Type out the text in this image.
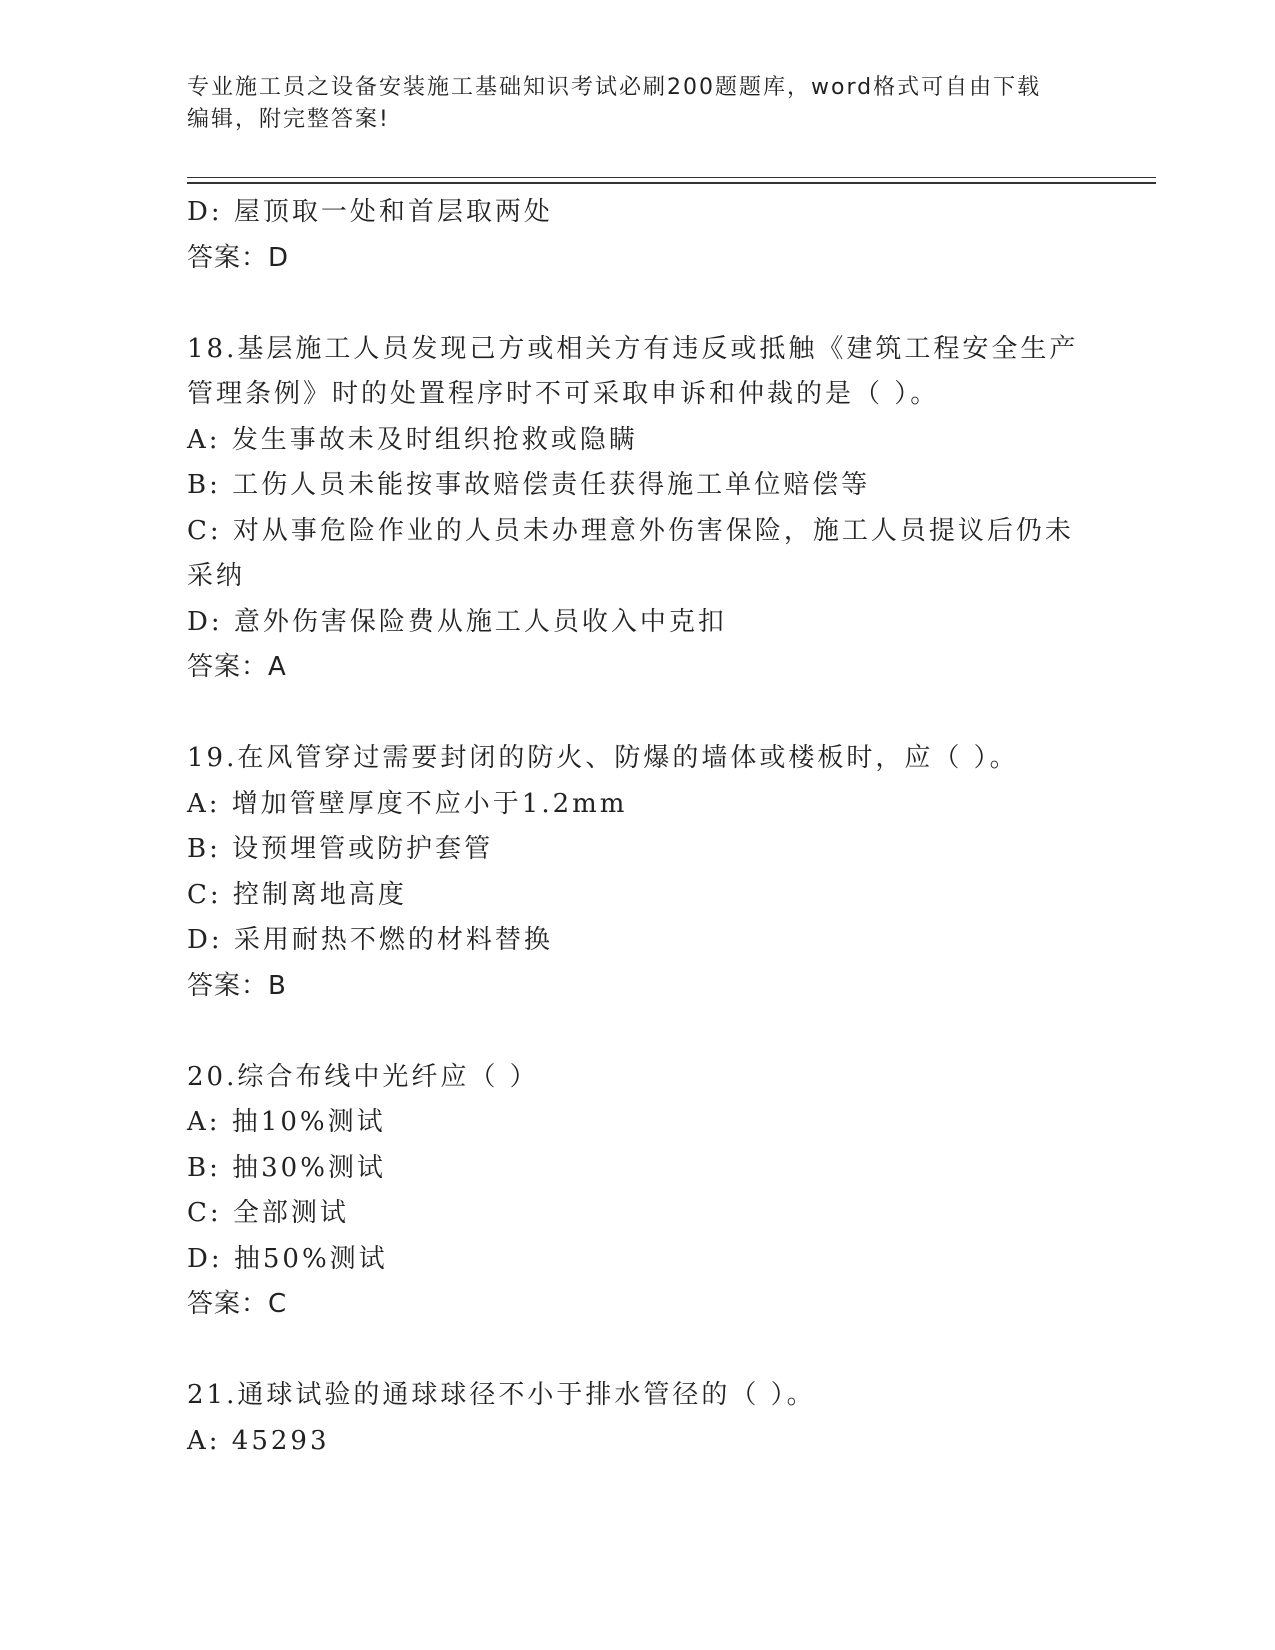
专业施工员之设备安装施工基础知识考试必刷200题题库，word格式可自由下载
编辑，附完整答案!
D: 屋顶取一处和首层取两处
答案：D
18.基层施工人员发现己方或相关方有违反或抵触《建筑工程安全生产
管理条例》时的处置程序时不可采取申诉和仲裁的是（ ）。
A: 发生事故未及时组织抢救或隐瞒
B: 工伤人员未能按事故赔偿责任获得施工单位赔偿等
C: 对从事危险作业的人员未办理意外伤害保险，施工人员提议后仍未
采纳
D: 意外伤害保险费从施工人员收入中克扣
答案：A
19.在风管穿过需要封闭的防火、防爆的墙体或楼板时，应（ ）。
A: 增加管壁厚度不应小于1.2mm
B: 设预埋管或防护套管
C: 控制离地高度
D: 采用耐热不燃的材料替换
答案：B
20.综合布线中光纤应（ ）
A: 抽10%测试
B: 抽30%测试
C: 全部测试
D: 抽50%测试
答案：C
21.通球试验的通球球径不小于排水管径的（ ）。
A: 45293
